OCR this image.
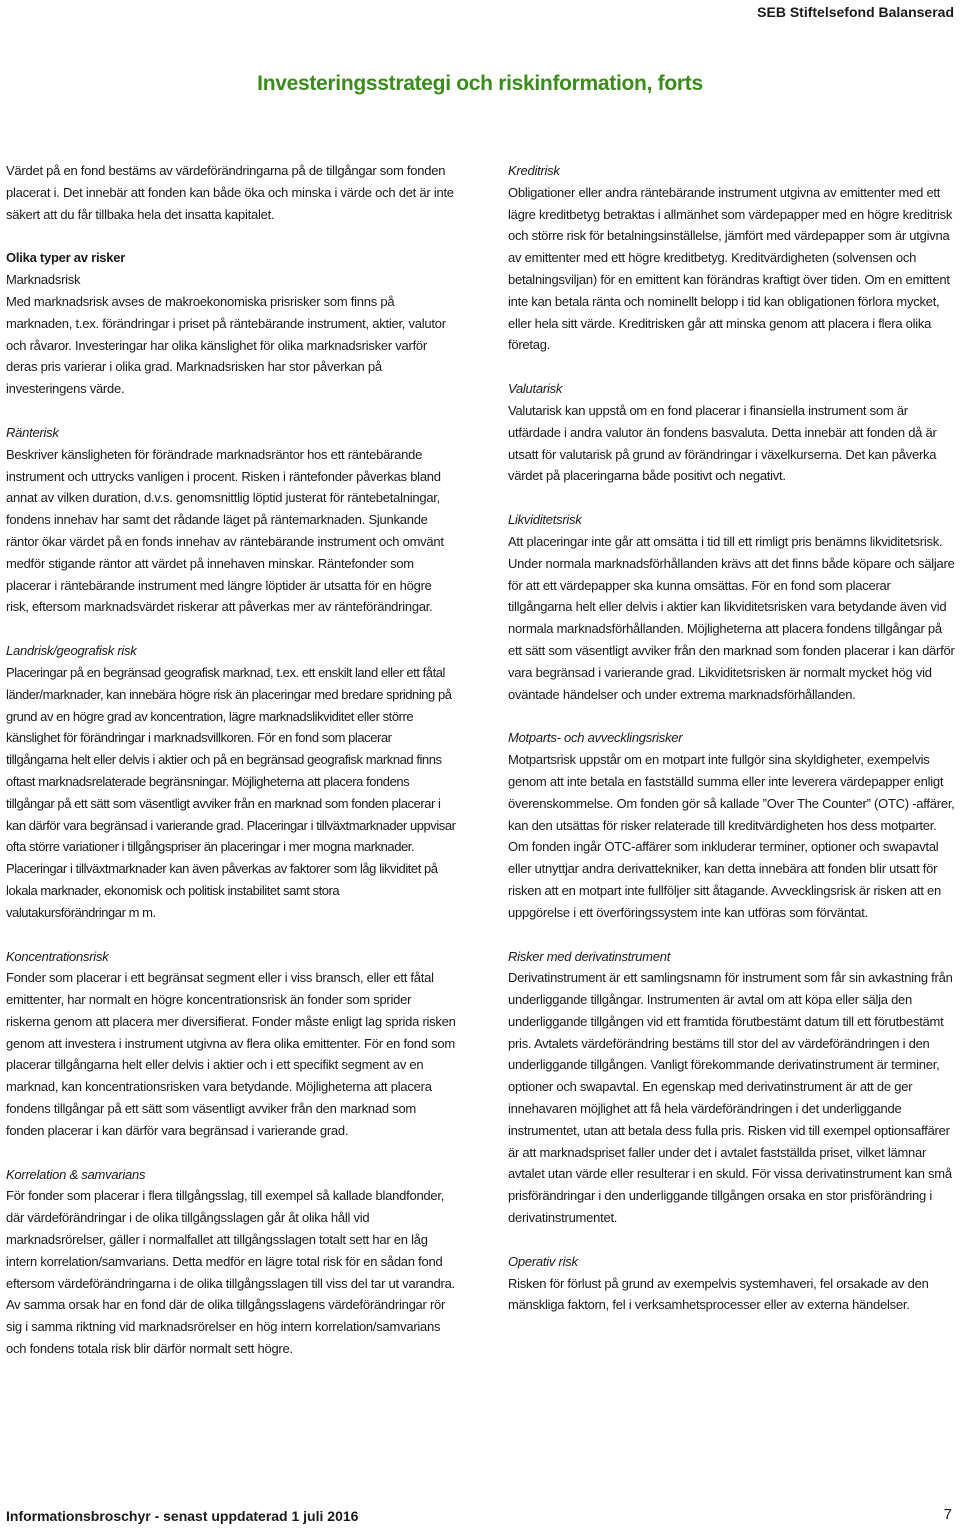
SEB Stiftelsefond Balanserad
Investeringsstrategi och riskinformation, forts

Värdet på en fond bestäms av värdeförändringarna på de tillgångar som fonden placerat i. Det innebär att fonden kan både öka och minska i värde och det är inte säkert att du får tillbaka hela det insatta kapitalet.

Olika typer av risker

Marknadsrisk

Med marknadsrisk avses de makroekonomiska prisrisker som finns på marknaden, t.ex. förändringar i priset på räntebärande instrument, aktier, valutor och råvaror. Investeringar har olika känslighet för olika marknadsrisker varför deras pris varierar i olika grad. Marknadsrisken har stor påverkan på investeringens värde.

Ränterisk

Beskriver känsligheten för förändrade marknadsräntor hos ett räntebärande instrument och uttrycks vanligen i procent. Risken i räntefonder påverkas bland annat av vilken duration, d.v.s. genomsnittlig löptid justerat för räntebetalningar, fondens innehav har samt det rådande läget på räntemarknaden. Sjunkande räntor ökar värdet på en fonds innehav av räntebärande instrument och omvänt medför stigande räntor att värdet på innehaven minskar. Räntefonder som placerar i räntebärande instrument med längre löptider är utsatta för en högre risk, eftersom marknadsvärdet riskerar att påverkas mer av ränteförändringar.

Landrisk/geografisk risk

Placeringar på en begränsad geografisk marknad, t.ex. ett enskilt land eller ett fåtal länder/marknader, kan innebära högre risk än placeringar med bredare spridning på grund av en högre grad av koncentration, lägre marknadslikviditet eller större känslighet för förändringar i marknadsvillkoren. För en fond som placerar tillgångarna helt eller delvis i aktier och på en begränsad geografisk marknad finns oftast marknadsrelaterade begränsningar. Möjligheterna att placera fondens tillgångar på ett sätt som väsentligt avviker från en marknad som fonden placerar i kan därför vara begränsad i varierande grad. Placeringar i tillväxtmarknader uppvisar ofta större variationer i tillgångspriser än placeringar i mer mogna marknader. Placeringar i tillväxtmarknader kan även påverkas av faktorer som låg likviditet på lokala marknader, ekonomisk och politisk instabilitet samt stora valutakursförändringar m m.

Koncentrationsrisk

Fonder som placerar i ett begränsat segment eller i viss bransch, eller ett fåtal emittenter, har normalt en högre koncentrationsrisk än fonder som sprider riskerna genom att placera mer diversifierat. Fonder måste enligt lag sprida risken genom att investera i instrument utgivna av flera olika emittenter. För en fond som placerar tillgångarna helt eller delvis i aktier och i ett specifikt segment av en marknad, kan koncentrationsrisken vara betydande. Möjligheterna att placera fondens tillgångar på ett sätt som väsentligt avviker från den marknad som fonden placerar i kan därför vara begränsad i varierande grad.

Korrelation & samvarians

För fonder som placerar i flera tillgångsslag, till exempel så kallade blandfonder, där värdeförändringar i de olika tillgångsslagen går åt olika håll vid marknadsrörelser, gäller i normalfallet att tillgångsslagen totalt sett har en låg intern korrelation/samvarians. Detta medför en lägre total risk för en sådan fond eftersom värdeförändringarna i de olika tillgångsslagen till viss del tar ut varandra. Av samma orsak har en fond där de olika tillgångsslagens värdeförändringar rör sig i samma riktning vid marknadsrörelser en hög intern korrelation/samvarians och fondens totala risk blir därför normalt sett högre.

Kreditrisk

Obligationer eller andra räntebärande instrument utgivna av emittenter med ett lägre kreditbetyg betraktas i allmänhet som värdepapper med en högre kreditrisk och större risk för betalningsinställelse, jämfört med värdepapper som är utgivna av emittenter med ett högre kreditbetyg. Kreditvärdigheten (solvensen och betalningsviljan) för en emittent kan förändras kraftigt över tiden. Om en emittent inte kan betala ränta och nominellt belopp i tid kan obligationen förlora mycket, eller hela sitt värde. Kreditrisken går att minska genom att placera i flera olika företag.

Valutarisk

Valutarisk kan uppstå om en fond placerar i finansiella instrument som är utfärdade i andra valutor än fondens basvaluta. Detta innebär att fonden då är utsatt för valutarisk på grund av förändringar i växelkurserna. Det kan påverka värdet på placeringarna både positivt och negativt.

Likviditetsrisk

Att placeringar inte går att omsätta i tid till ett rimligt pris benämns likviditetsrisk. Under normala marknadsförhållanden krävs att det finns både köpare och säljare för att ett värdepapper ska kunna omsättas. För en fond som placerar tillgångarna helt eller delvis i aktier kan likviditetsrisken vara betydande även vid normala marknadsförhållanden. Möjligheterna att placera fondens tillgångar på ett sätt som väsentligt avviker från den marknad som fonden placerar i kan därför vara begränsad i varierande grad. Likviditetsrisken är normalt mycket hög vid oväntade händelser och under extrema marknadsförhållanden.

Motparts- och avvecklingsrisker

Motpartsrisk uppstår om en motpart inte fullgör sina skyldigheter, exempelvis genom att inte betala en fastställd summa eller inte leverera värdepapper enligt överenskommelse. Om fonden gör så kallade ”Over The Counter” (OTC) -affärer, kan den utsättas för risker relaterade till kreditvärdigheten hos dess motparter. Om fonden ingår OTC-affärer som inkluderar terminer, optioner och swapavtal eller utnyttjar andra derivattekniker, kan detta innebära att fonden blir utsatt för risken att en motpart inte fullföljer sitt åtagande. Avvecklingsrisk är risken att en uppgörelse i ett överföringssystem inte kan utföras som förväntat.

Risker med derivatinstrument

Derivatinstrument är ett samlingsnamn för instrument som får sin avkastning från underliggande tillgångar. Instrumenten är avtal om att köpa eller sälja den underliggande tillgången vid ett framtida förutbestämt datum till ett förutbestämt pris. Avtalets värdeförändring bestäms till stor del av värdeförändringen i den underliggande tillgången. Vanligt förekommande derivatinstrument är terminer, optioner och swapavtal. En egenskap med derivatinstrument är att de ger innehavaren möjlighet att få hela värdeförändringen i det underliggande instrumentet, utan att betala dess fulla pris. Risken vid till exempel optionsaffärer är att marknadspriset faller under det i avtalet fastställda priset, vilket lämnar avtalet utan värde eller resulterar i en skuld. För vissa derivatinstrument kan små prisförändringar i den underliggande tillgången orsaka en stor prisförändring i derivatinstrumentet.

Operativ risk

Risken för förlust på grund av exempelvis systemhaveri, fel orsakade av den mänskliga faktorn, fel i verksamhetsprocesser eller av externa händelser.

Informationsbroschyr - senast uppdaterad 1 juli 2016	7
